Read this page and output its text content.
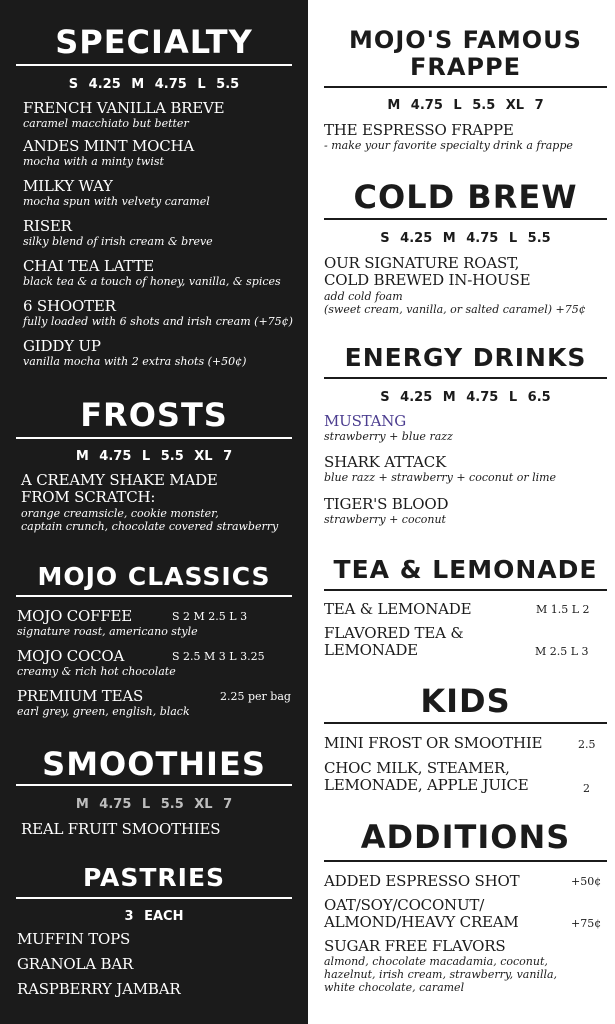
SPECIALTY
S 4.25 M 4.75 L 5.5
FRENCH VANILLA BREVE
caramel macchiato but better
ANDES MINT MOCHA
mocha with a minty twist
MILKY WAY
mocha spun with velvety caramel
RISER
silky blend of irish cream & breve
CHAI TEA LATTE
black tea & a touch of honey, vanilla, & spices
6 SHOOTER
fully loaded with 6 shots and irish cream (+75¢)
GIDDY UP
vanilla mocha with 2 extra shots (+50¢)
FROSTS
M 4.75 L 5.5 XL 7
A CREAMY SHAKE MADE
FROM SCRATCH:
orange creamsicle, cookie monster,
captain crunch, chocolate covered strawberry
MOJO CLASSICS
MOJO COFFEE	S 2 M 2.5 L 3
signature roast, americano style
MOJO COCOA	S 2.5 M 3 L 3.25
creamy & rich hot chocolate
PREMIUM TEAS	2.25 per bag
earl grey, green, english, black
SMOOTHIES
M 4.75 L 5.5 XL 7
REAL FRUIT SMOOTHIES
PASTRIES
3 EACH
MUFFIN TOPS
GRANOLA BAR
RASPBERRY JAMBAR
MOJO'S FAMOUS
FRAPPE
M 4.75 L 5.5 XL 7
THE ESPRESSO FRAPPE
- make your favorite specialty drink a frappe
COLD BREW
S 4.25 M 4.75 L 5.5
OUR SIGNATURE ROAST,
COLD BREWED IN-HOUSE
add cold foam
(sweet cream, vanilla, or salted caramel) +75¢
ENERGY DRINKS
S 4.25 M 4.75 L 6.5
MUSTANG
strawberry + blue razz
SHARK ATTACK
blue razz + strawberry + coconut or lime
TIGER'S BLOOD
strawberry + coconut
TEA & LEMONADE
TEA & LEMONADE	M 1.5 L 2
FLAVORED TEA &
LEMONADE	M 2.5 L 3
KIDS
MINI FROST OR SMOOTHIE	2.5
CHOC MILK, STEAMER,
LEMONADE, APPLE JUICE	2
ADDITIONS
ADDED ESPRESSO SHOT	+50¢
OAT/SOY/COCONUT/
ALMOND/HEAVY CREAM	+75¢
SUGAR FREE FLAVORS
almond, chocolate macadamia, coconut, hazelnut, irish cream, strawberry, vanilla, white chocolate, caramel
